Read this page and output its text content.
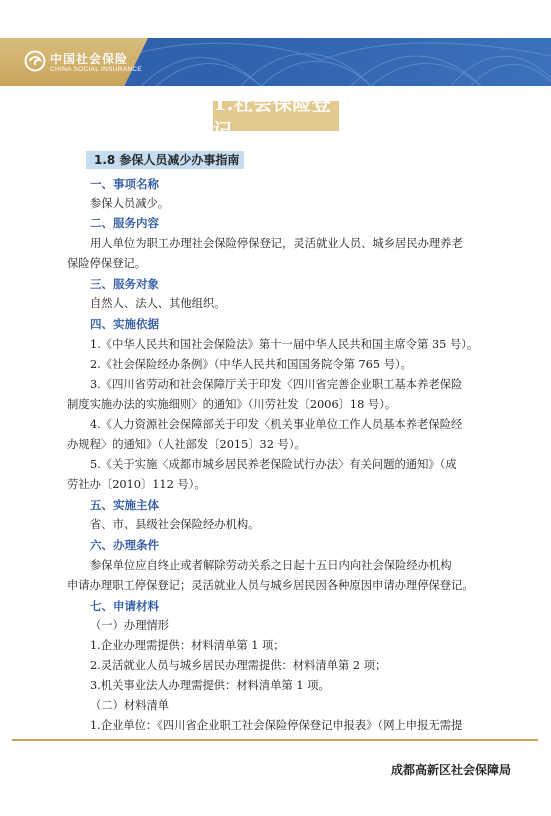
中国社会保险
CHINA SOCIAL INSURANCE
1.社会保险登记
1.8 参保人员减少办事指南
一、事项名称
参保人员减少。
二、服务内容
用人单位为职工办理社会保险停保登记，灵活就业人员、城乡居民办理养老
保险停保登记。
三、服务对象
自然人、法人、其他组织。
四、实施依据
1.《中华人民共和国社会保险法》第十一届中华人民共和国主席令第 35 号）。
2.《社会保险经办条例》（中华人民共和国国务院令第 765 号）。
3.《四川省劳动和社会保障厅关于印发〈四川省完善企业职工基本养老保险
制度实施办法的实施细则〉的通知》（川劳社发〔2006〕18 号）。
4.《人力资源社会保障部关于印发〈机关事业单位工作人员基本养老保险经
办规程〉的通知》（人社部发〔2015〕32 号）。
5.《关于实施〈成都市城乡居民养老保险试行办法〉有关问题的通知》（成
劳社办〔2010〕112 号）。
五、实施主体
省、市、县级社会保险经办机构。
六、办理条件
参保单位应自终止或者解除劳动关系之日起十五日内向社会保险经办机构
申请办理职工停保登记；灵活就业人员与城乡居民因各种原因申请办理停保登记。
七、申请材料
（一）办理情形
1.企业办理需提供：材料清单第 1 项；
2.灵活就业人员与城乡居民办理需提供：材料清单第 2 项；
3.机关事业法人办理需提供：材料清单第 1 项。
（二）材料清单
1.企业单位：《四川省企业职工社会保险停保登记申报表》（网上申报无需提
成都高新区社会保障局
